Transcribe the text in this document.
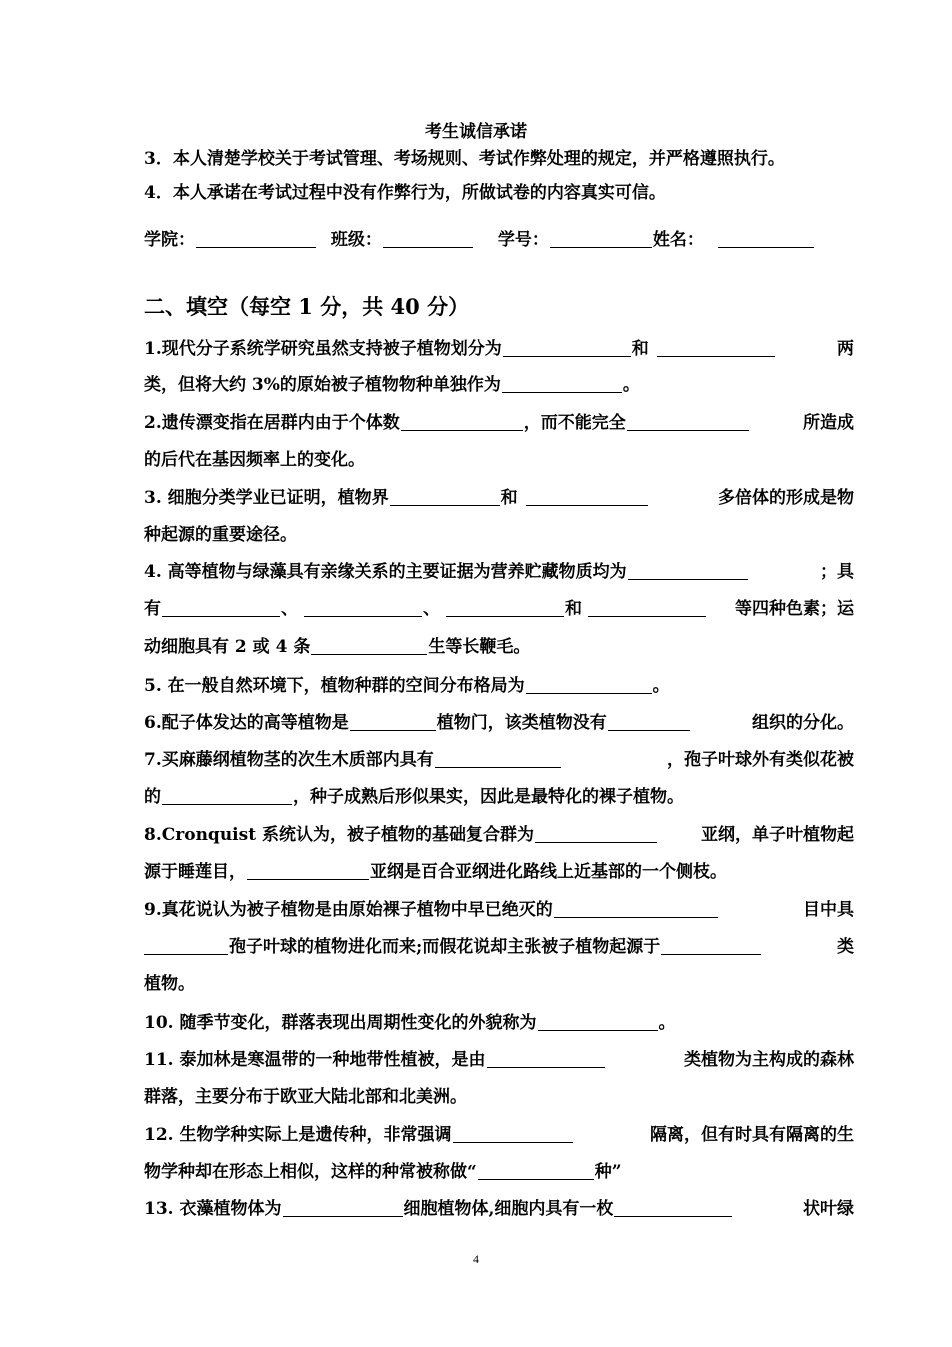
考生诚信承诺
3．本人清楚学校关于考试管理、考场规则、考试作弊处理的规定，并严格遵照执行。
4．本人承诺在考试过程中没有作弊行为，所做试卷的内容真实可信。
学院：	班级：	学号：	姓名：
二、填空（每空 1 分，共 40 分）
1.现代分子系统学研究虽然支持被子植物划分为	和	两
类，但将大约 3%的原始被子植物物种单独作为	。
2.遗传漂变指在居群内由于个体数	，而不能完全	所造成
的后代在基因频率上的变化。
3. 细胞分类学业已证明，植物界	和	多倍体的形成是物
种起源的重要途径。
4. 高等植物与绿藻具有亲缘关系的主要证据为营养贮藏物质均为	；具
有	、	、	和	等四种色素；运
动细胞具有 2 或 4 条	生等长鞭毛。
5. 在一般自然环境下，植物种群的空间分布格局为	。
6.配子体发达的高等植物是	植物门，该类植物没有	组织的分化。
7.买麻藤纲植物茎的次生木质部内具有	，孢子叶球外有类似花被
的	，种子成熟后形似果实，因此是最特化的裸子植物。
8.Cronquist 系统认为，被子植物的基础复合群为	亚纲，单子叶植物起
源于睡莲目，	亚纲是百合亚纲进化路线上近基部的一个侧枝。
9.真花说认为被子植物是由原始裸子植物中早已绝灭的	目中具
孢子叶球的植物进化而来;而假花说却主张被子植物起源于	类
植物。
10. 随季节变化，群落表现出周期性变化的外貌称为	。
11. 泰加林是寒温带的一种地带性植被，是由	类植物为主构成的森林
群落，主要分布于欧亚大陆北部和北美洲。
12. 生物学种实际上是遗传种，非常强调	隔离，但有时具有隔离的生
物学种却在形态上相似，这样的种常被称做“	种”
13. 衣藻植物体为	细胞植物体,细胞内具有一枚	状叶绿
4
